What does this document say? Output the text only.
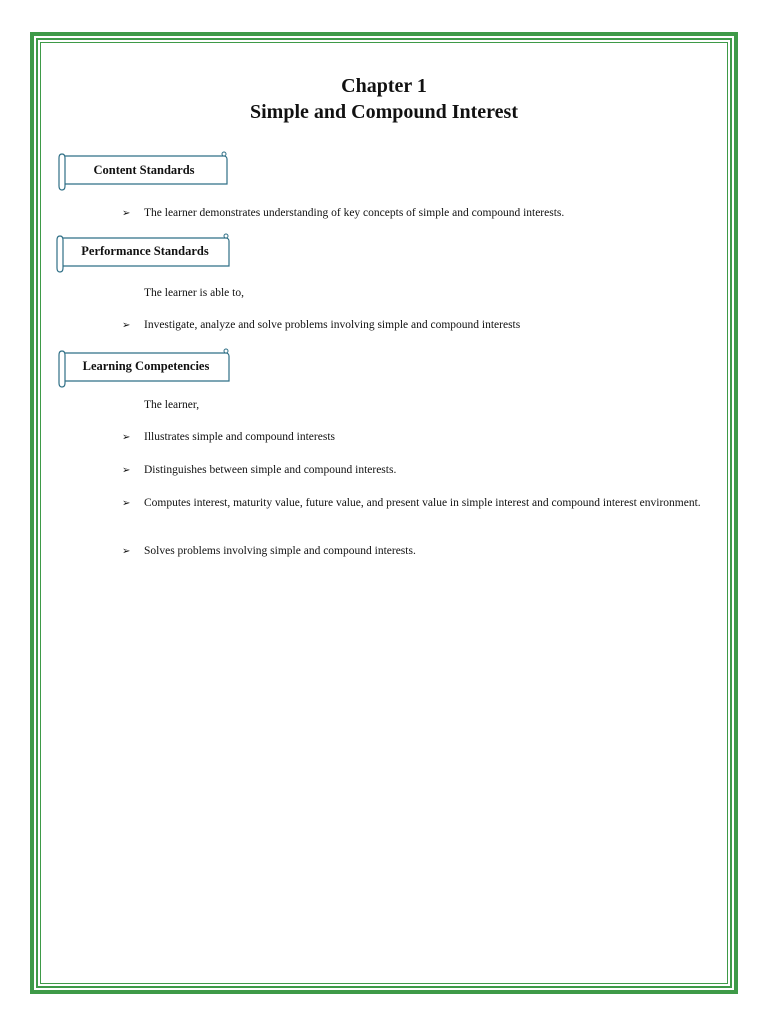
Chapter 1
Simple and Compound Interest
Content Standards
➢ The learner demonstrates understanding of key concepts of simple and compound interests.
Performance Standards
The learner is able to,
➢ Investigate, analyze and solve problems involving simple and compound interests
Learning Competencies
The learner,
➢ Illustrates simple and compound interests
➢ Distinguishes between simple and compound interests.
➢ Computes interest, maturity value, future value, and present value in simple interest and compound interest environment.
➢ Solves problems involving simple and compound interests.
